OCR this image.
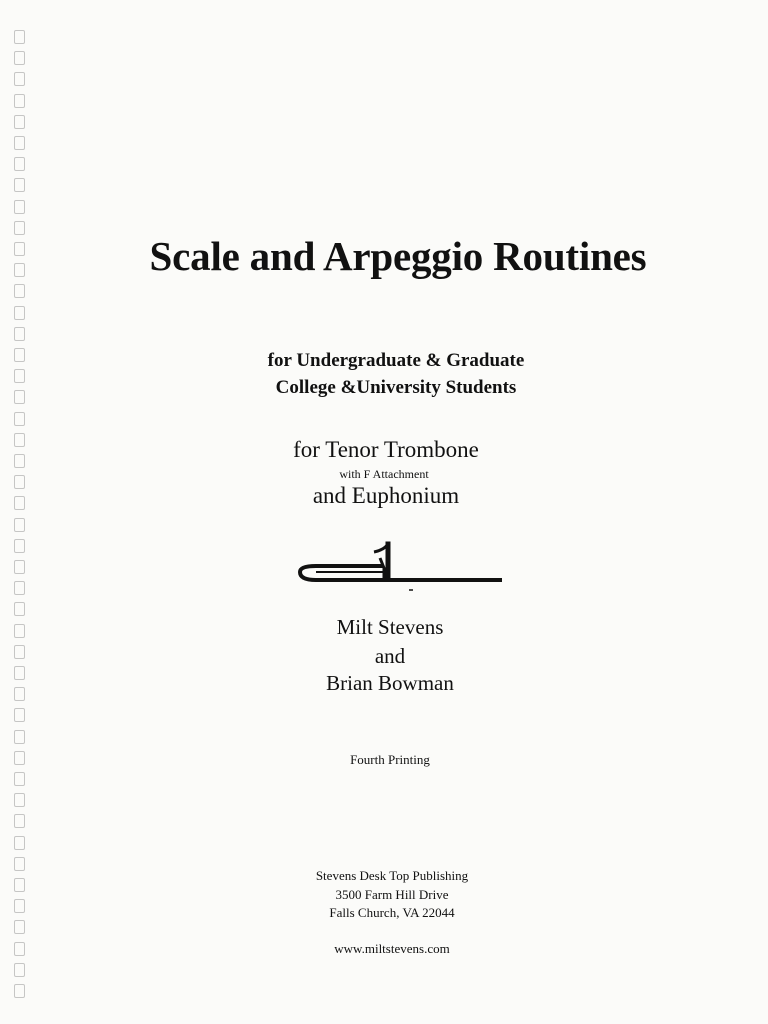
Scale and Arpeggio Routines
for Undergraduate & Graduate
College &University Students
for Tenor Trombone
with F Attachment
and Euphonium
Milt Stevens
and
Brian Bowman
Fourth Printing
Stevens Desk Top Publishing
3500 Farm Hill Drive
Falls Church, VA 22044
www.miltstevens.com
